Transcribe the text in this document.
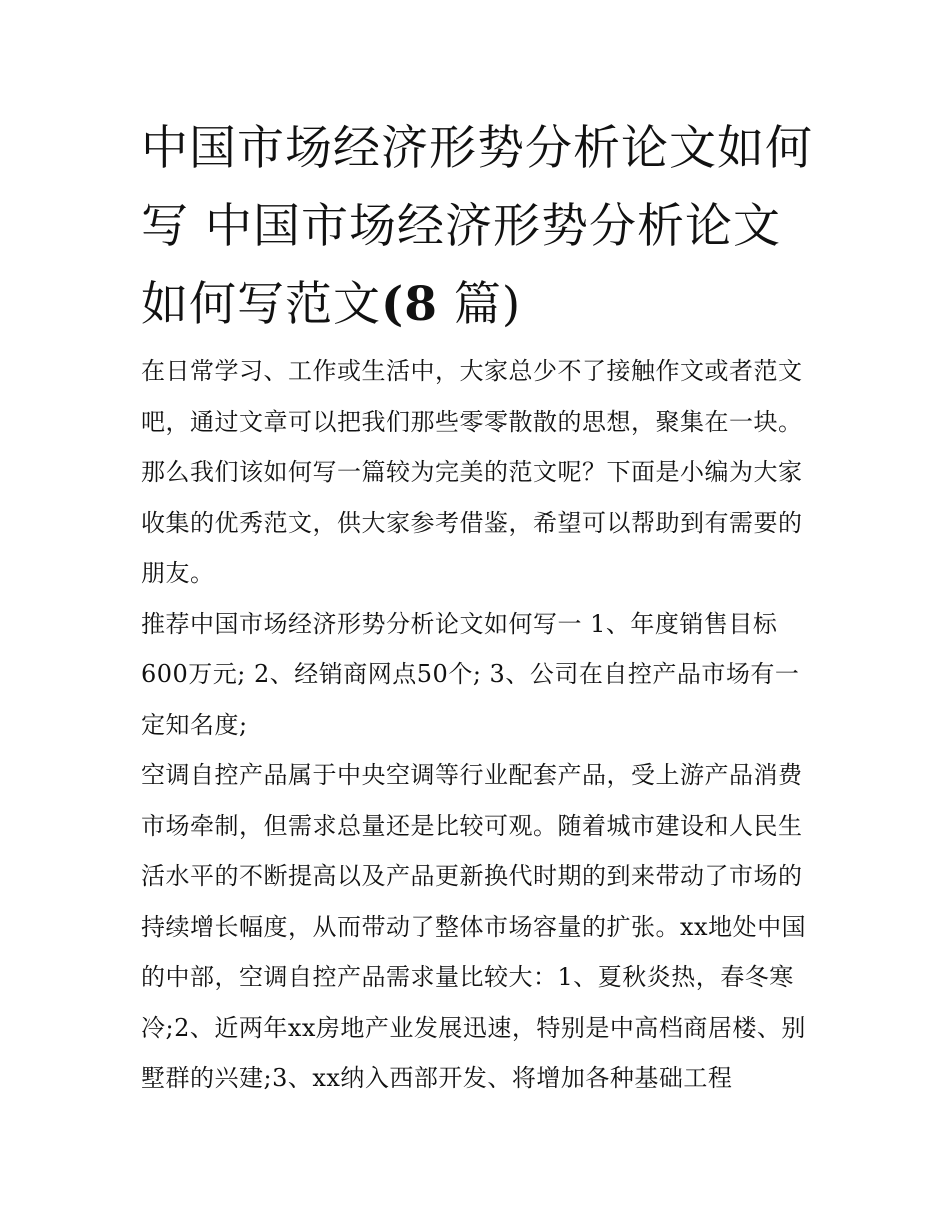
中国市场经济形势分析论文如何写 中国市场经济形势分析论文如何写范文(8 篇)

在日常学习、工作或生活中，大家总少不了接触作文或者范文吧，通过文章可以把我们那些零零散散的思想，聚集在一块。那么我们该如何写一篇较为完美的范文呢？下面是小编为大家收集的优秀范文，供大家参考借鉴，希望可以帮助到有需要的朋友。

推荐中国市场经济形势分析论文如何写一 1、年度销售目标600万元; 2、经销商网点50个; 3、公司在自控产品市场有一定知名度;

空调自控产品属于中央空调等行业配套产品，受上游产品消费市场牵制，但需求总量还是比较可观。随着城市建设和人民生活水平的不断提高以及产品更新换代时期的到来带动了市场的持续增长幅度，从而带动了整体市场容量的扩张。xx地处中国的中部，空调自控产品需求量比较大：1、夏秋炎热，春冬寒冷;2、近两年xx房地产业发展迅速，特别是中高档商居楼、别墅群的兴建;3、xx纳入西部开发、将增加各种基础工程
